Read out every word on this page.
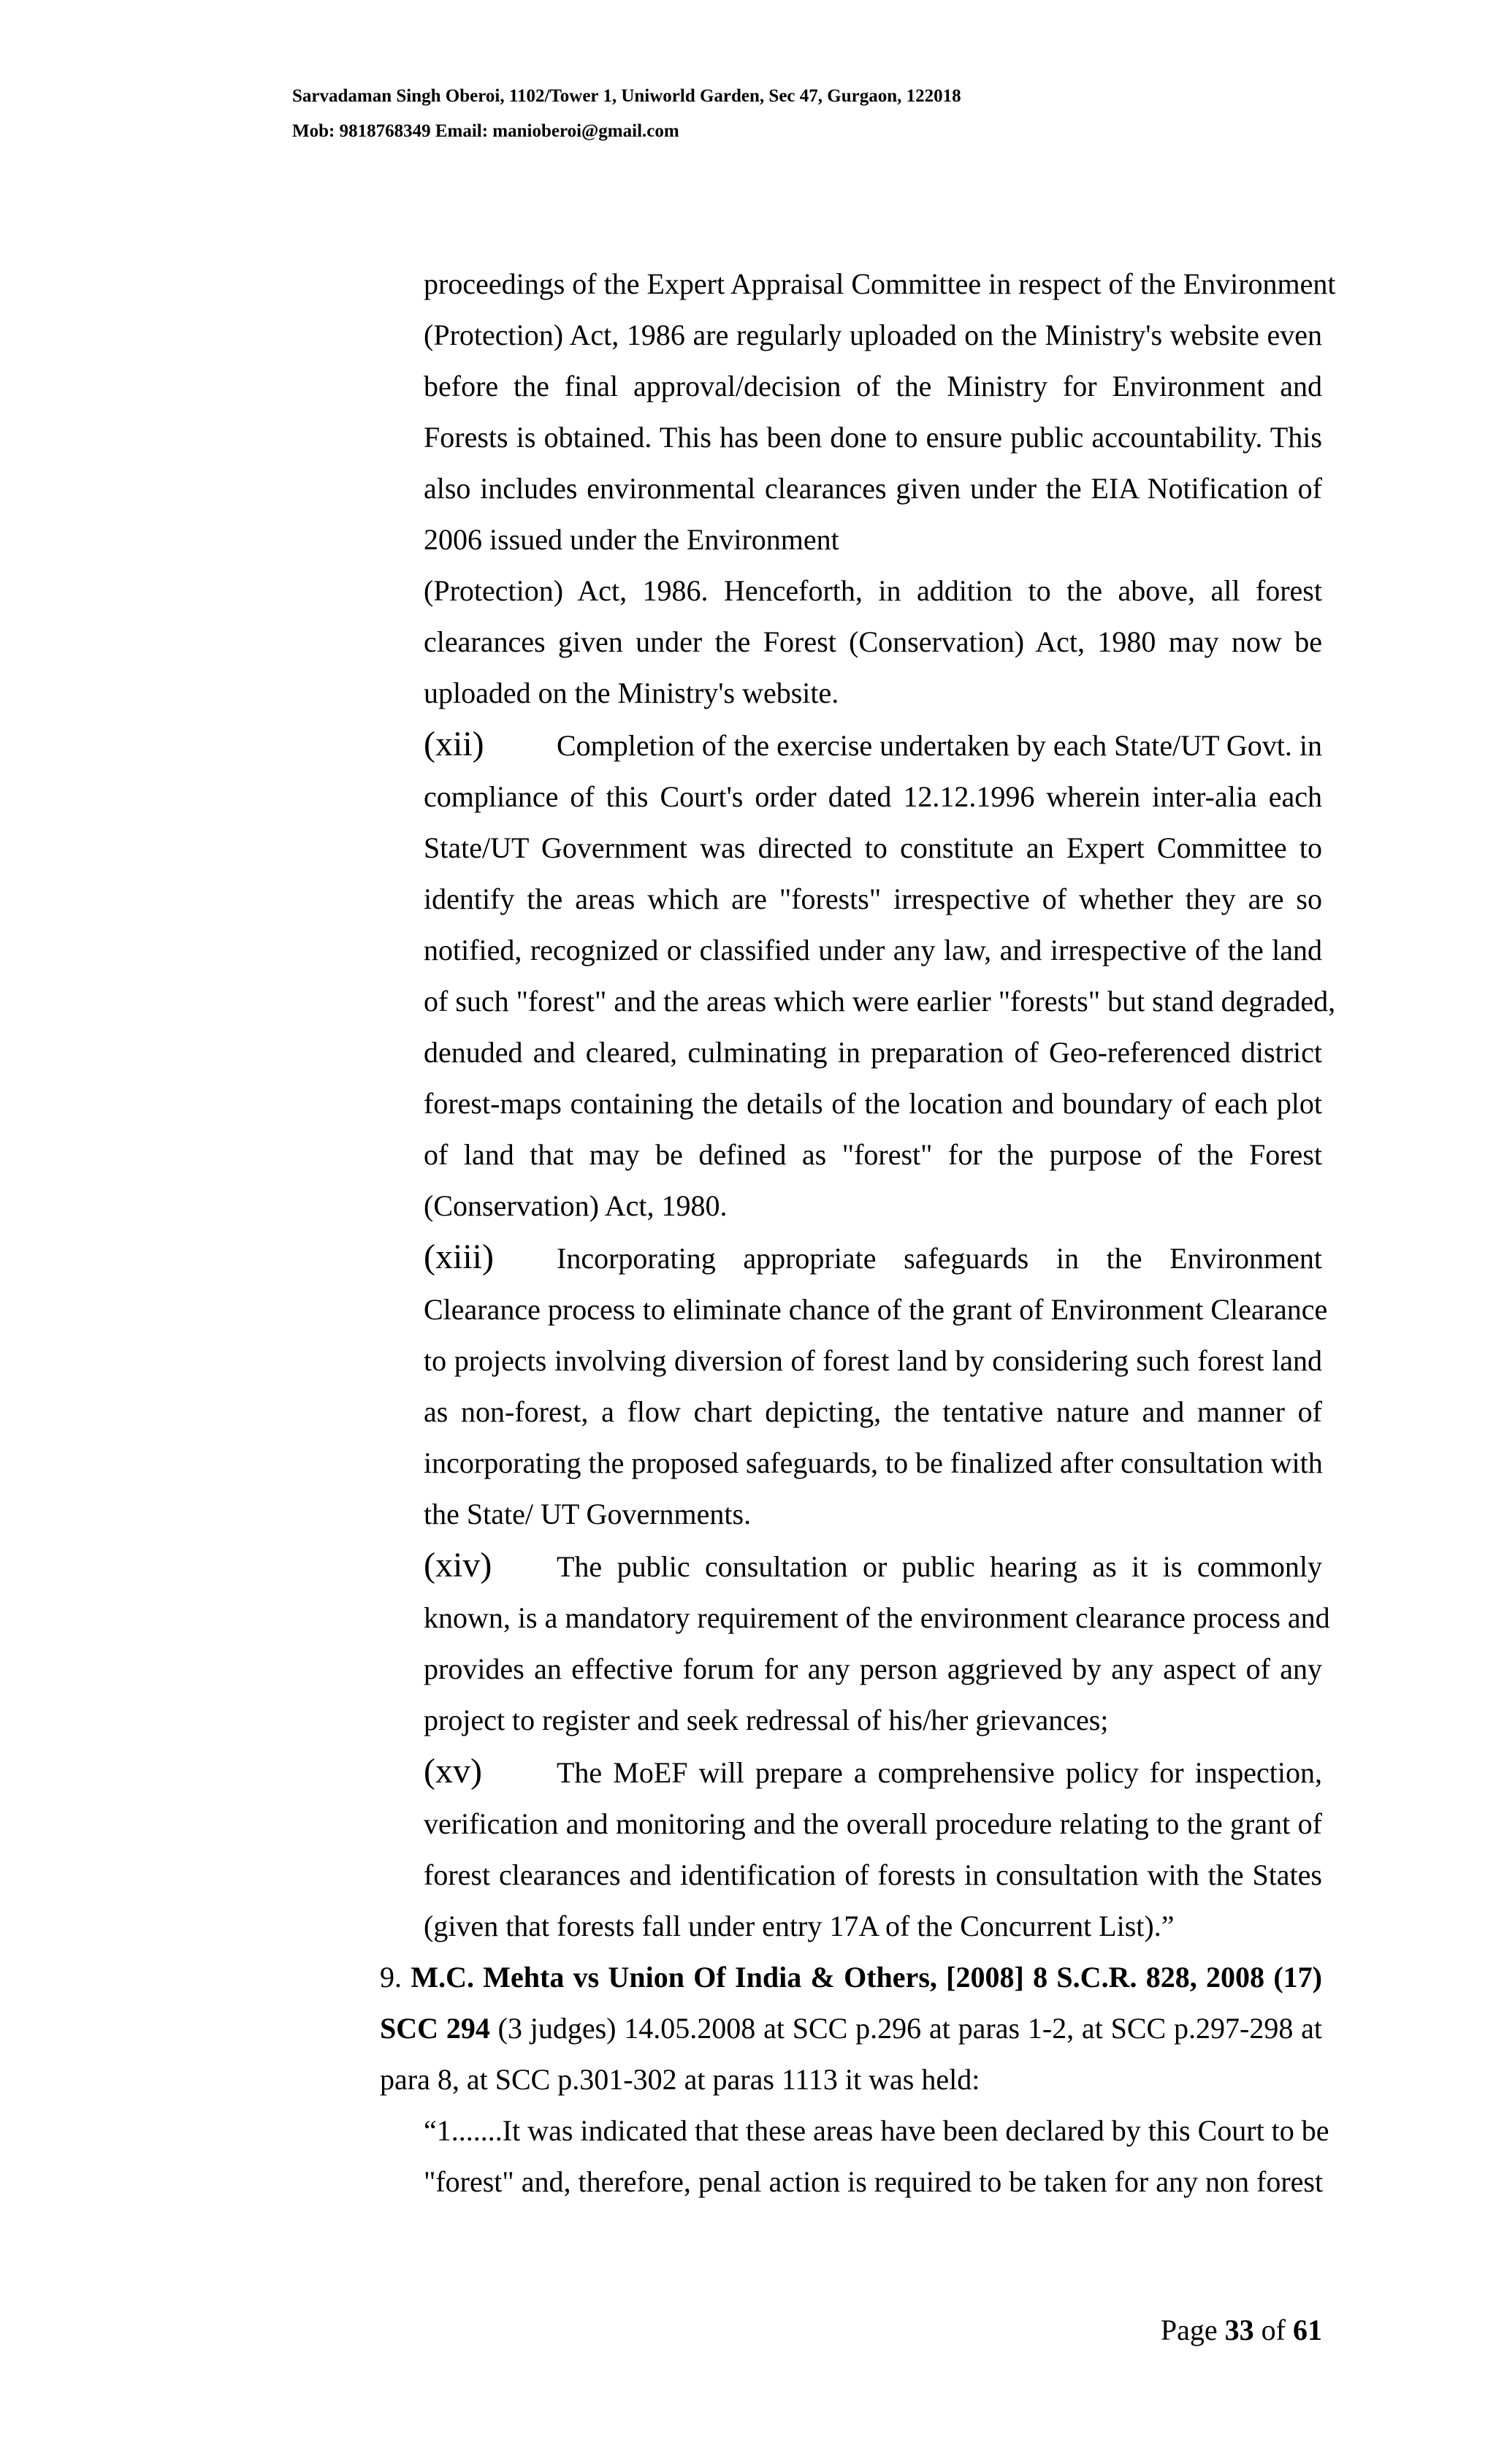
Sarvadaman Singh Oberoi, 1102/Tower 1, Uniworld Garden, Sec 47, Gurgaon, 122018
Mob: 9818768349 Email: manioberoi@gmail.com
proceedings of the Expert Appraisal Committee in respect of the Environment
(Protection) Act, 1986 are regularly uploaded on the Ministry's website even
before the final approval/decision of the Ministry for Environment and
Forests is obtained. This has been done to ensure public accountability. This
also includes environmental clearances given under the EIA Notification of
2006 issued under the Environment
(Protection) Act, 1986. Henceforth, in addition to the above, all forest
clearances given under the Forest (Conservation) Act, 1980 may now be
uploaded on the Ministry's website.
(xii) Completion of the exercise undertaken by each State/UT Govt. in
compliance of this Court's order dated 12.12.1996 wherein inter-alia each
State/UT Government was directed to constitute an Expert Committee to
identify the areas which are "forests" irrespective of whether they are so
notified, recognized or classified under any law, and irrespective of the land
of such "forest" and the areas which were earlier "forests" but stand degraded,
denuded and cleared, culminating in preparation of Geo-referenced district
forest-maps containing the details of the location and boundary of each plot
of land that may be defined as "forest" for the purpose of the Forest
(Conservation) Act, 1980.
(xiii) Incorporating appropriate safeguards in the Environment
Clearance process to eliminate chance of the grant of Environment Clearance
to projects involving diversion of forest land by considering such forest land
as non-forest, a flow chart depicting, the tentative nature and manner of
incorporating the proposed safeguards, to be finalized after consultation with
the State/ UT Governments.
(xiv) The public consultation or public hearing as it is commonly
known, is a mandatory requirement of the environment clearance process and
provides an effective forum for any person aggrieved by any aspect of any
project to register and seek redressal of his/her grievances;
(xv)	The MoEF will prepare a comprehensive policy for inspection,
verification and monitoring and the overall procedure relating to the grant of
forest clearances and identification of forests in consultation with the States
(given that forests fall under entry 17A of the Concurrent List).”
9. M.C. Mehta vs Union Of India & Others, [2008] 8 S.C.R. 828, 2008 (17)
SCC 294 (3 judges) 14.05.2008 at SCC p.296 at paras 1-2, at SCC p.297-298 at
para 8, at SCC p.301-302 at paras 1113 it was held:
“1.......It was indicated that these areas have been declared by this Court to be
"forest" and, therefore, penal action is required to be taken for any non forest
Page 33 of 61
